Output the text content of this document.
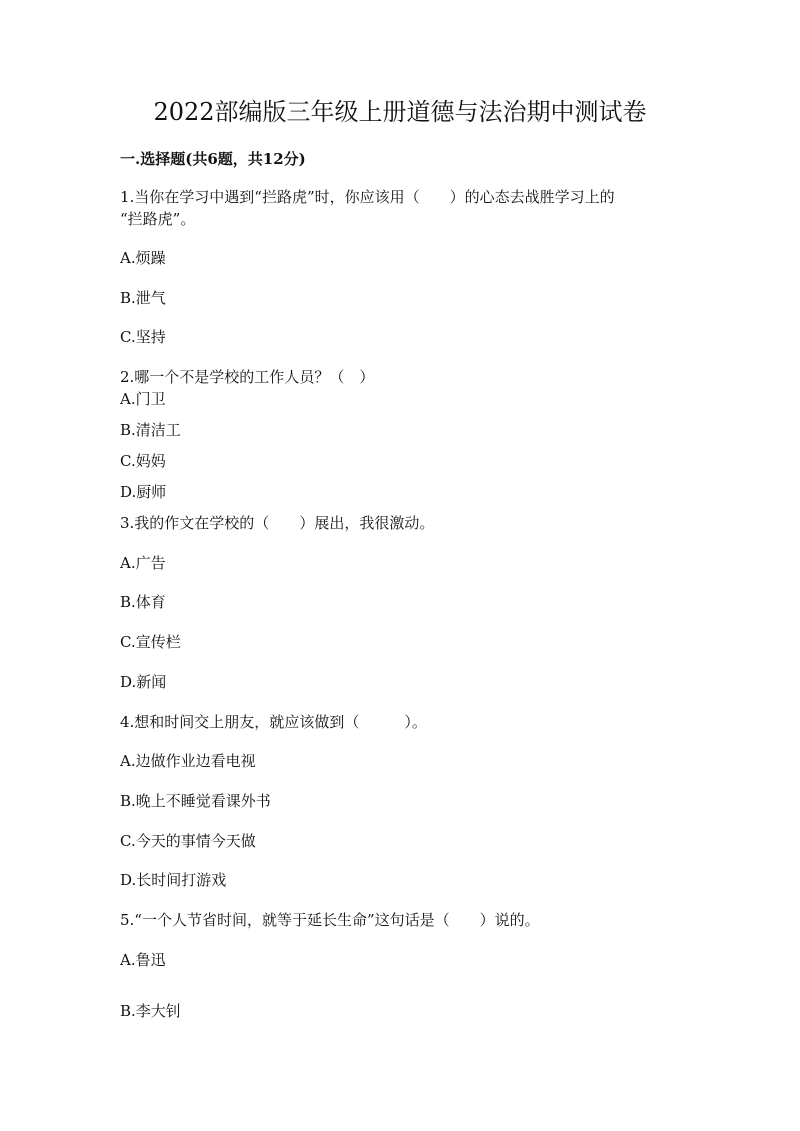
2022部编版三年级上册道德与法治期中测试卷
一.选择题(共6题，共12分)
1.当你在学习中遇到“拦路虎”时，你应该用（　　）的心态去战胜学习上的
“拦路虎”。
A.烦躁
B.泄气
C.坚持
2.哪一个不是学校的工作人员？（　）
A.门卫
B.清洁工
C.妈妈
D.厨师
3.我的作文在学校的（　　）展出，我很激动。
A.广告
B.体育
C.宣传栏
D.新闻
4.想和时间交上朋友，就应该做到（　　　）。
A.边做作业边看电视
B.晚上不睡觉看课外书
C.今天的事情今天做
D.长时间打游戏
5.“一个人节省时间，就等于延长生命”这句话是（　　）说的。
A.鲁迅
B.李大钊
